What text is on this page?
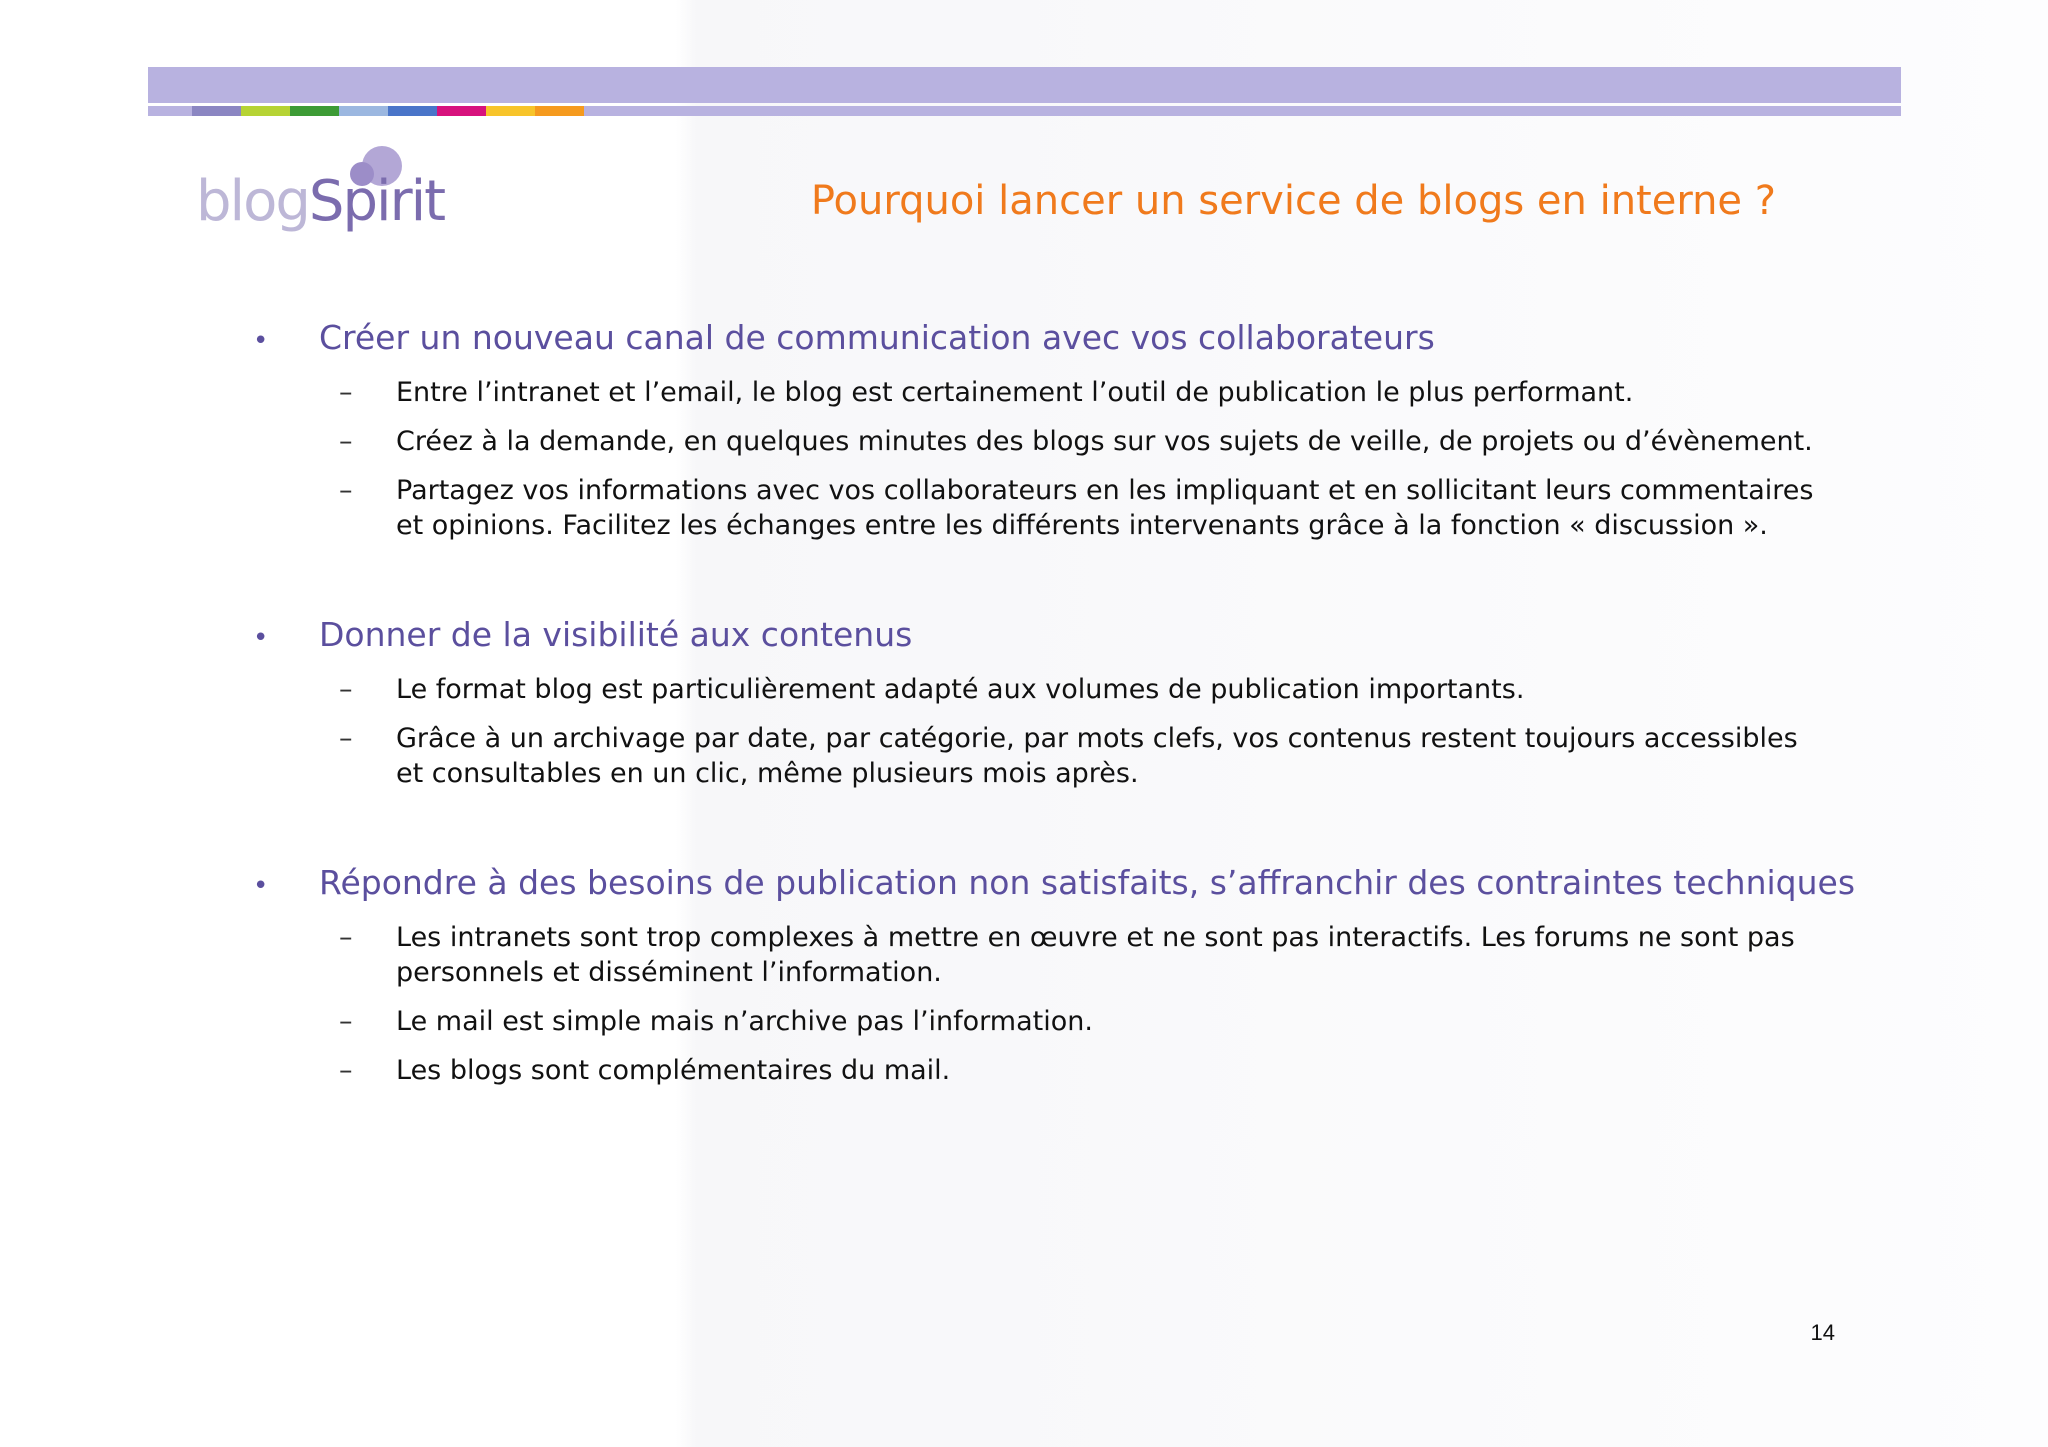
blogSpirit	Pourquoi lancer un service de blogs en interne ?
•	Créer un nouveau canal de communication avec vos collaborateurs
–	Entre l’intranet et l’email, le blog est certainement l’outil de publication le plus performant.
–	Créez à la demande, en quelques minutes des blogs sur vos sujets de veille, de projets ou d’évènement.
–	Partagez vos informations avec vos collaborateurs en les impliquant et en sollicitant leurs commentaires et opinions. Facilitez les échanges entre les différents intervenants grâce à la fonction « discussion ».
•	Donner de la visibilité aux contenus
–	Le format blog est particulièrement adapté aux volumes de publication importants.
–	Grâce à un archivage par date, par catégorie, par mots clefs, vos contenus restent toujours accessibles et consultables en un clic, même plusieurs mois après.
•	Répondre à des besoins de publication non satisfaits, s’affranchir des contraintes techniques
–	Les intranets sont trop complexes à mettre en œuvre et ne sont pas interactifs. Les forums ne sont pas personnels et disséminent l’information.
–	Le mail est simple mais n’archive pas l’information.
–	Les blogs sont complémentaires du mail.
14
